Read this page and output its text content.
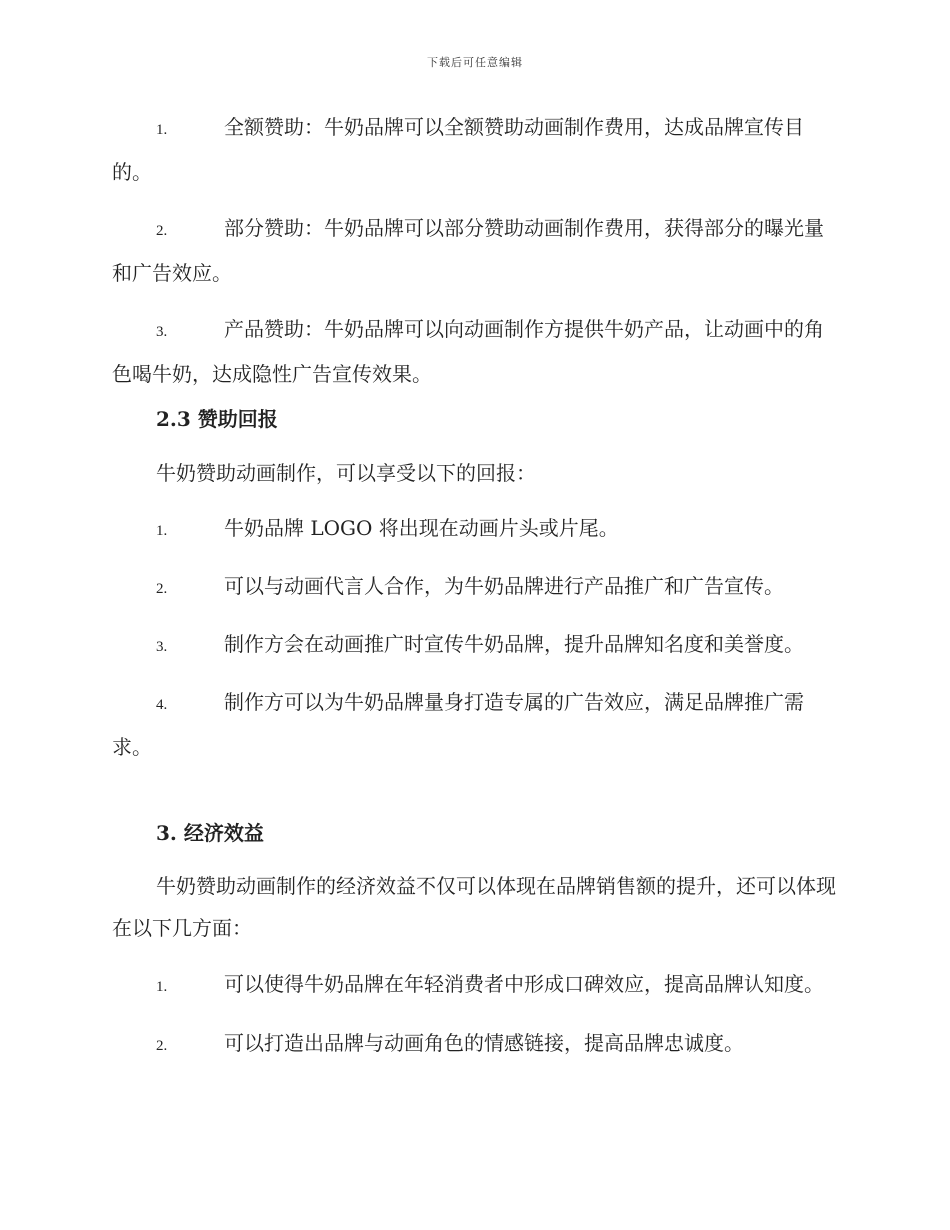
下载后可任意编辑
1.	全额赞助：牛奶品牌可以全额赞助动画制作费用，达成品牌宣传目的。
2.	部分赞助：牛奶品牌可以部分赞助动画制作费用，获得部分的曝光量和广告效应。
3.	产品赞助：牛奶品牌可以向动画制作方提供牛奶产品，让动画中的角色喝牛奶，达成隐性广告宣传效果。
2.3 赞助回报
牛奶赞助动画制作，可以享受以下的回报：
1.	牛奶品牌 LOGO 将出现在动画片头或片尾。
2.	可以与动画代言人合作，为牛奶品牌进行产品推广和广告宣传。
3.	制作方会在动画推广时宣传牛奶品牌，提升品牌知名度和美誉度。
4.	制作方可以为牛奶品牌量身打造专属的广告效应，满足品牌推广需求。
3. 经济效益
牛奶赞助动画制作的经济效益不仅可以体现在品牌销售额的提升，还可以体现在以下几方面：
1.	可以使得牛奶品牌在年轻消费者中形成口碑效应，提高品牌认知度。
2.	可以打造出品牌与动画角色的情感链接，提高品牌忠诚度。
